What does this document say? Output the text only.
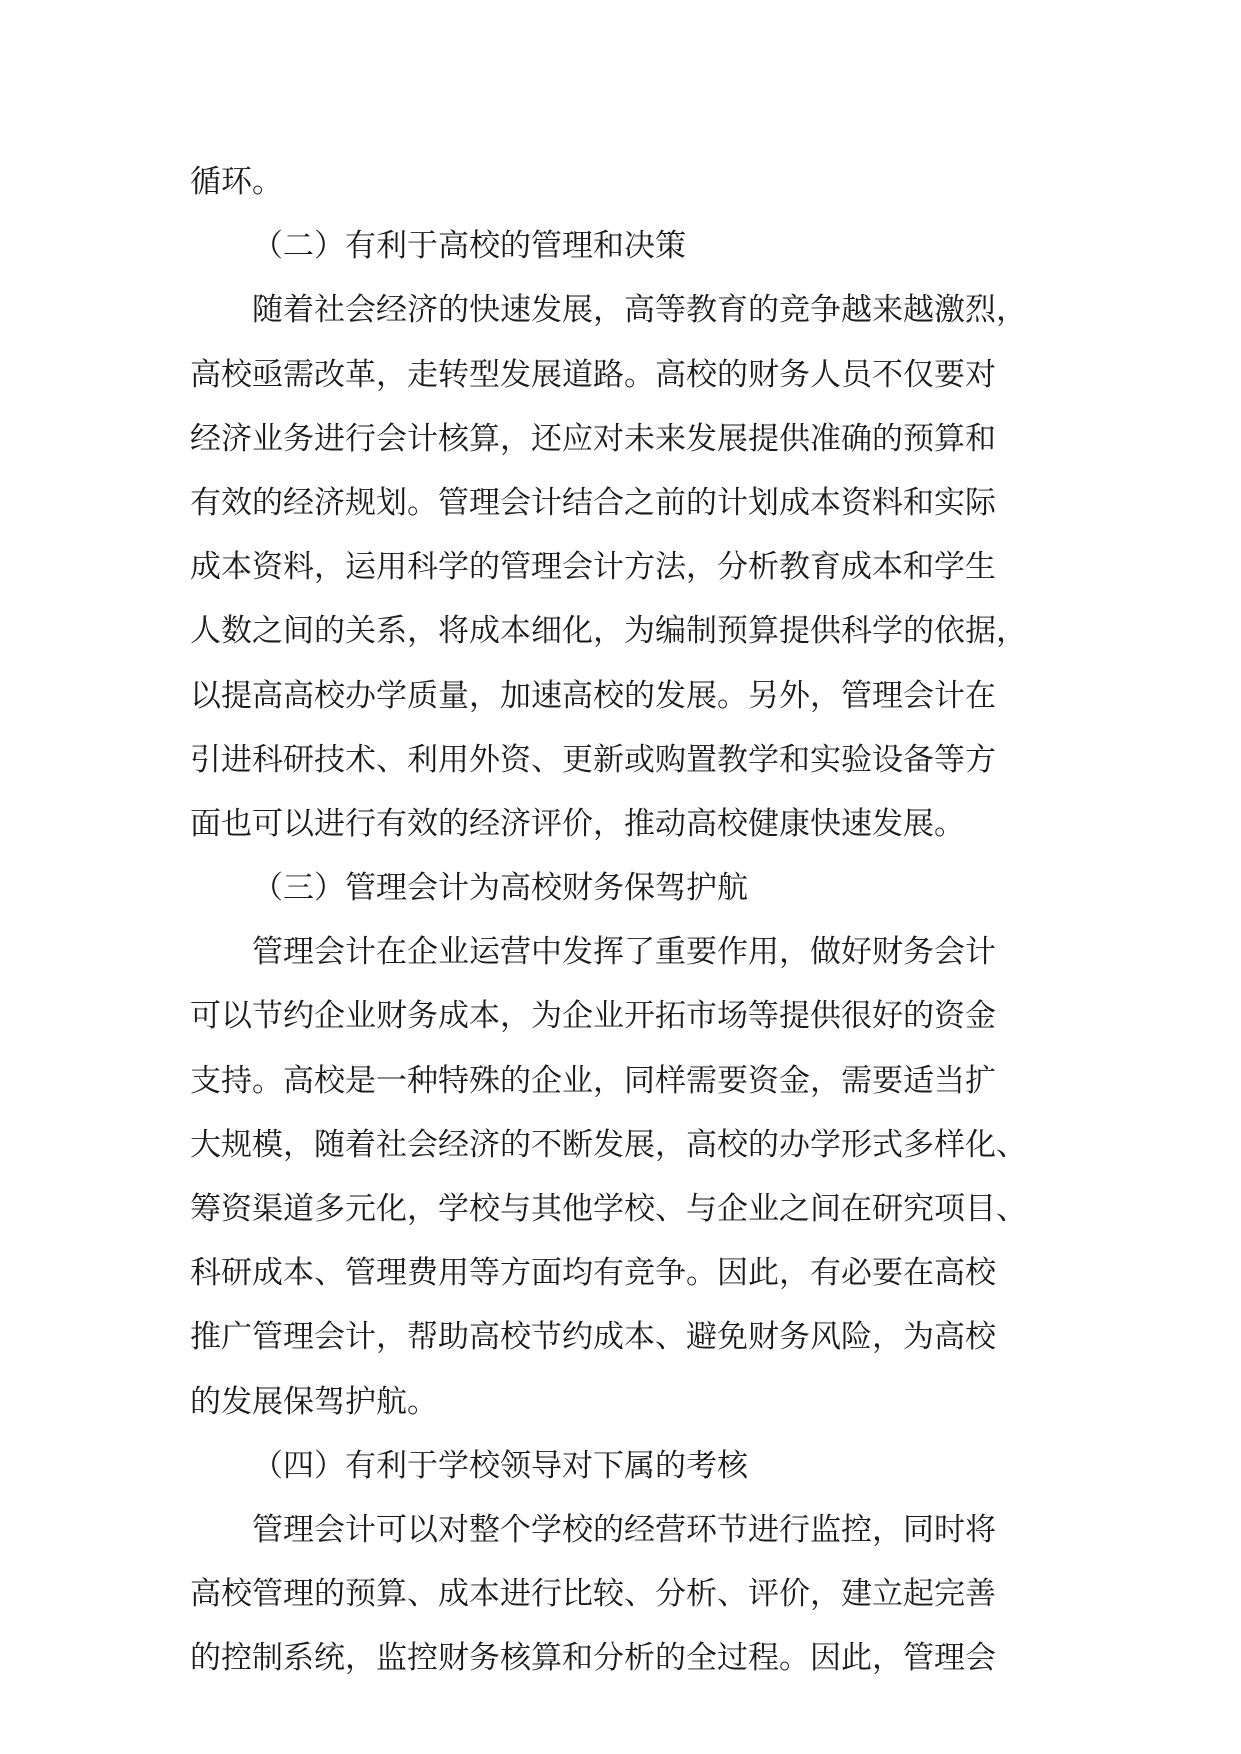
循环。
（二）有利于高校的管理和决策
随着社会经济的快速发展，高等教育的竞争越来越激烈，
高校亟需改革，走转型发展道路。高校的财务人员不仅要对
经济业务进行会计核算，还应对未来发展提供准确的预算和
有效的经济规划。管理会计结合之前的计划成本资料和实际
成本资料，运用科学的管理会计方法，分析教育成本和学生
人数之间的关系，将成本细化，为编制预算提供科学的依据，
以提高高校办学质量，加速高校的发展。另外，管理会计在
引进科研技术、利用外资、更新或购置教学和实验设备等方
面也可以进行有效的经济评价，推动高校健康快速发展。
（三）管理会计为高校财务保驾护航
管理会计在企业运营中发挥了重要作用，做好财务会计
可以节约企业财务成本，为企业开拓市场等提供很好的资金
支持。高校是一种特殊的企业，同样需要资金，需要适当扩
大规模，随着社会经济的不断发展，高校的办学形式多样化、
筹资渠道多元化，学校与其他学校、与企业之间在研究项目、
科研成本、管理费用等方面均有竞争。因此，有必要在高校
推广管理会计，帮助高校节约成本、避免财务风险，为高校
的发展保驾护航。
（四）有利于学校领导对下属的考核
管理会计可以对整个学校的经营环节进行监控，同时将
高校管理的预算、成本进行比较、分析、评价，建立起完善
的控制系统，监控财务核算和分析的全过程。因此，管理会
